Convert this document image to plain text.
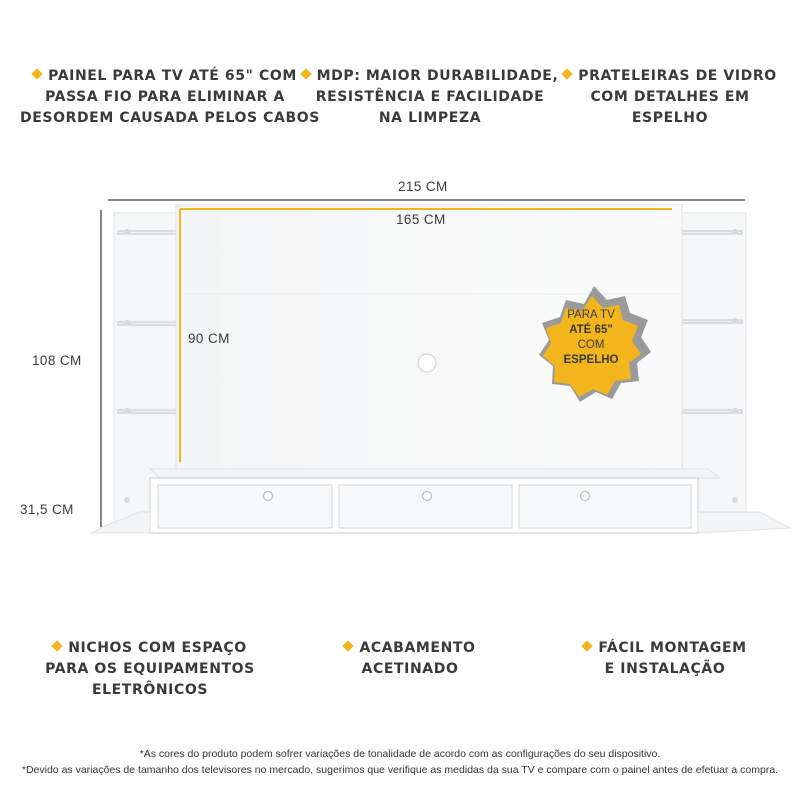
PAINEL PARA TV ATÉ 65" COM
PASSA FIO PARA ELIMINAR A
DESORDEM CAUSADA PELOS CABOS
MDP: MAIOR DURABILIDADE,
RESISTÊNCIA E FACILIDADE
NA LIMPEZA
PRATELEIRAS DE VIDRO
COM DETALHES EM
ESPELHO
215 CM
165 CM
90 CM
108 CM
31,5 CM
PARA TV
ATÉ 65"
COM
ESPELHO
NICHOS COM ESPAÇO
PARA OS EQUIPAMENTOS
ELETRÔNICOS
ACABAMENTO
ACETINADO
FÁCIL MONTAGEM
E INSTALAÇÃO
*As cores do produto podem sofrer variações de tonalidade de acordo com as configurações do seu dispositivo.
*Devido as variações de tamanho dos televisores no mercado, sugerimos que verifique as medidas da sua TV e compare com o painel antes de efetuar a compra.
